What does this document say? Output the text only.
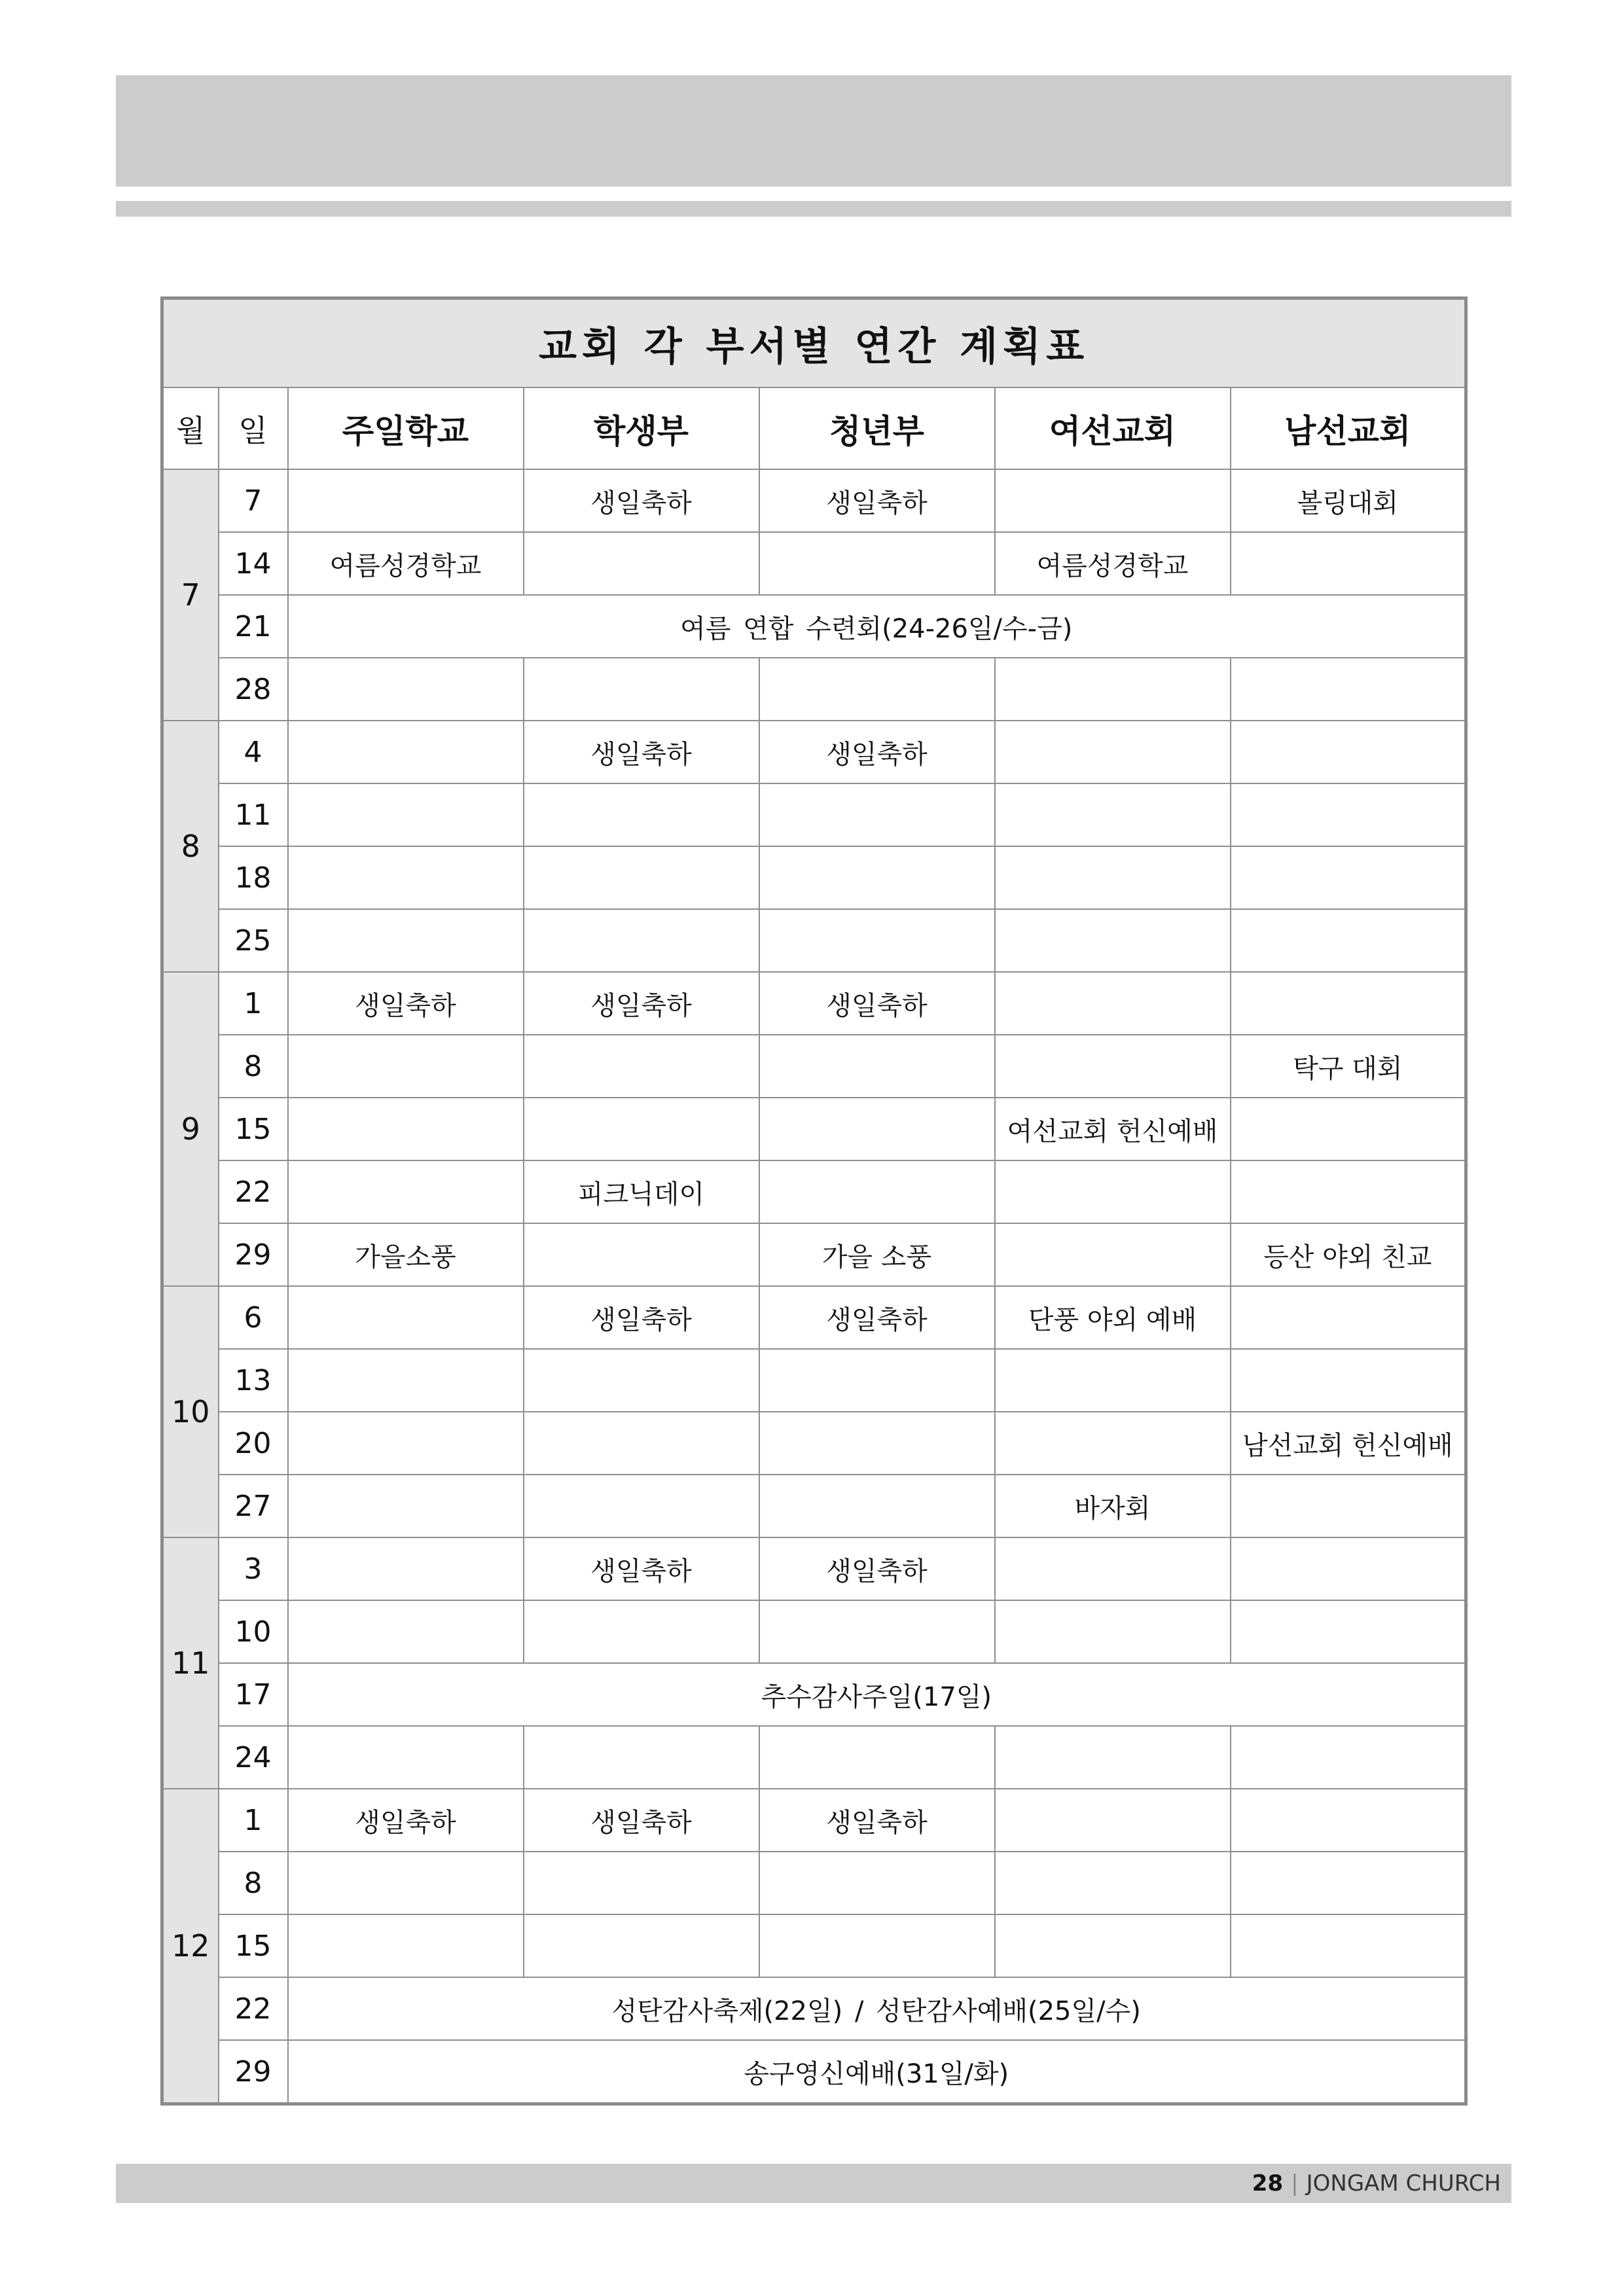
교회 각 부서별 연간 계획표						
월	일	주일학교	학생부	청년부	여선교회	남선교회
7	7		생일축하	생일축하		볼링대회
	14	여름성경학교			여름성경학교	
	21	여름 연합 수련회(24-26일/수-금)				
	28					
8	4		생일축하	생일축하		
	11					
	18					
	25					
9	1	생일축하	생일축하	생일축하		
	8					탁구 대회
	15				여선교회 헌신예배	
	22		피크닉데이			
	29	가을소풍		가을 소풍		등산 야외 친교
10	6		생일축하	생일축하	단풍 야외 예배	
	13					
	20					남선교회 헌신예배
	27				바자회	
11	3		생일축하	생일축하		
	10					
	17	추수감사주일(17일)				
	24					
12	1	생일축하	생일축하	생일축하		
	8					
	15					
	22	성탄감사축제(22일) / 성탄감사예배(25일/수)				
	29	송구영신예배(31일/화)				
28 | JONGAM CHURCH
